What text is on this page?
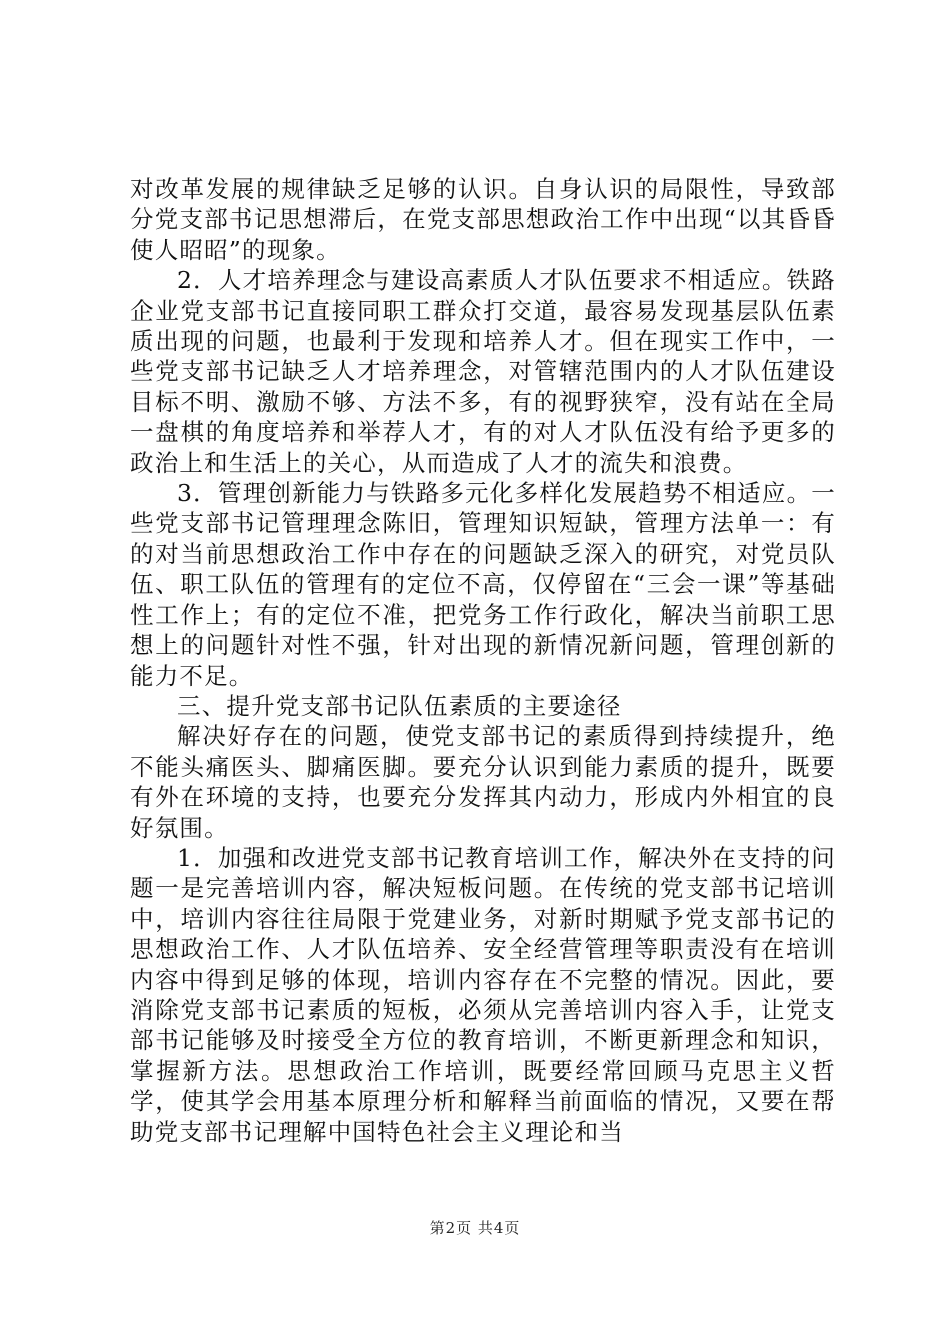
对改革发展的规律缺乏足够的认识。自身认识的局限性，导致部分党支部书记思想滞后，在党支部思想政治工作中出现“以其昏昏使人昭昭”的现象。

2．人才培养理念与建设高素质人才队伍要求不相适应。铁路企业党支部书记直接同职工群众打交道，最容易发现基层队伍素质出现的问题，也最利于发现和培养人才。但在现实工作中，一些党支部书记缺乏人才培养理念，对管辖范围内的人才队伍建设目标不明、激励不够、方法不多，有的视野狭窄，没有站在全局一盘棋的角度培养和举荐人才，有的对人才队伍没有给予更多的政治上和生活上的关心，从而造成了人才的流失和浪费。

3．管理创新能力与铁路多元化多样化发展趋势不相适应。一些党支部书记管理理念陈旧，管理知识短缺，管理方法单一：有的对当前思想政治工作中存在的问题缺乏深入的研究，对党员队伍、职工队伍的管理有的定位不高，仅停留在“三会一课”等基础性工作上；有的定位不准，把党务工作行政化，解决当前职工思想上的问题针对性不强，针对出现的新情况新问题，管理创新的能力不足。

三、提升党支部书记队伍素质的主要途径

解决好存在的问题，使党支部书记的素质得到持续提升，绝不能头痛医头、脚痛医脚。要充分认识到能力素质的提升，既要有外在环境的支持，也要充分发挥其内动力，形成内外相宜的良好氛围。

1．加强和改进党支部书记教育培训工作，解决外在支持的问题一是完善培训内容，解决短板问题。在传统的党支部书记培训中，培训内容往往局限于党建业务，对新时期赋予党支部书记的思想政治工作、人才队伍培养、安全经营管理等职责没有在培训内容中得到足够的体现，培训内容存在不完整的情况。因此，要消除党支部书记素质的短板，必须从完善培训内容入手，让党支部书记能够及时接受全方位的教育培训，不断更新理念和知识，掌握新方法。思想政治工作培训，既要经常回顾马克思主义哲学，使其学会用基本原理分析和解释当前面临的情况，又要在帮助党支部书记理解中国特色社会主义理论和当

第2页 共4页
